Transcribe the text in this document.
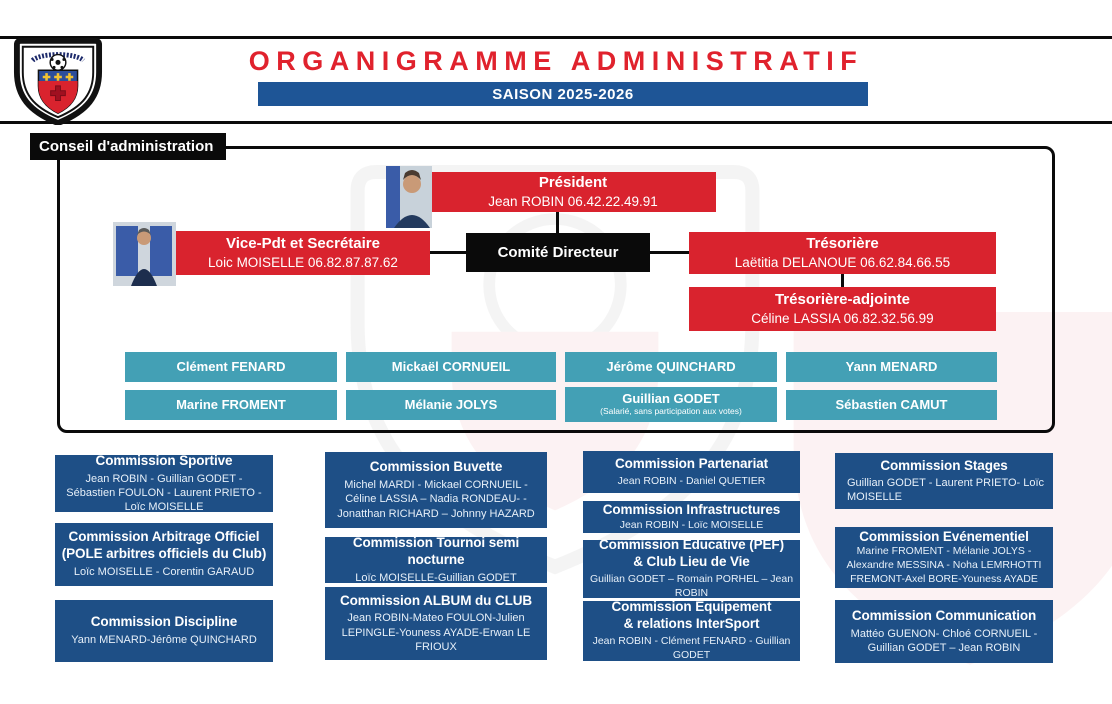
ORGANIGRAMME ADMINISTRATIF
SAISON 2025-2026
Conseil d'administration
Président
Jean ROBIN 06.42.22.49.91
Vice-Pdt et Secrétaire
Loic MOISELLE 06.82.87.87.62
Comité Directeur
Trésorière
Laëtitia DELANOUE 06.62.84.66.55
Trésorière-adjointe
Céline LASSIA 06.82.32.56.99
Clément FENARD	Mickaël CORNUEIL	Jérôme QUINCHARD	Yann MENARD
Marine FROMENT	Mélanie JOLYS	Guillian GODET
(Salarié, sans participation aux votes)	Sébastien CAMUT
Commission Sportive
Jean ROBIN - Guillian GODET - Sébastien FOULON - Laurent PRIETO - Loïc MOISELLE
Commission Arbitrage Officiel
(POLE arbitres officiels du Club)
Loïc MOISELLE - Corentin GARAUD
Commission Discipline
Yann MENARD-Jérôme QUINCHARD
Commission Buvette
Michel MARDI - Mickael CORNUEIL - Céline LASSIA – Nadia RONDEAU- - Jonatthan RICHARD – Johnny HAZARD
Commission Tournoi semi nocturne
Loïc MOISELLE-Guillian GODET
Commission ALBUM du CLUB
Jean ROBIN-Mateo FOULON-Julien LEPINGLE-Youness AYADE-Erwan LE FRIOUX
Commission Partenariat
Jean ROBIN - Daniel QUETIER
Commission Infrastructures
Jean ROBIN - Loïc MOISELLE
Commission Educative (PEF)
& Club Lieu de Vie
Guillian GODET – Romain PORHEL – Jean ROBIN
Commission Equipement
& relations InterSport
Jean ROBIN - Clément FENARD - Guillian GODET
Commission Stages
Guillian GODET - Laurent PRIETO- Loïc MOISELLE
Commission Evénementiel
Marine FROMENT - Mélanie JOLYS - Alexandre MESSINA - Noha LEMRHOTTI FREMONT-Axel BORE-Youness AYADE
Commission Communication
Mattéo GUENON- Chloé CORNUEIL - Guillian GODET – Jean ROBIN
